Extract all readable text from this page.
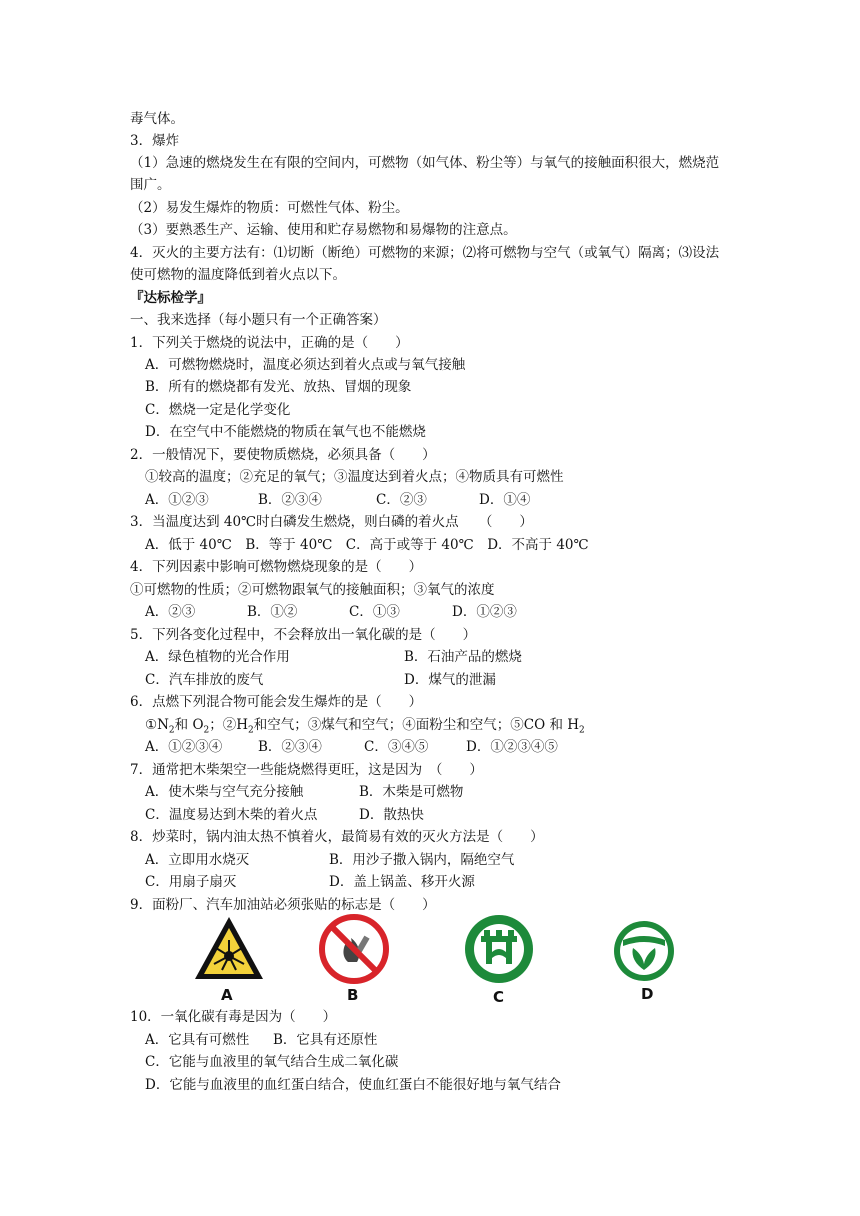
毒气体。
3．爆炸
（1）急速的燃烧发生在有限的空间内，可燃物（如气体、粉尘等）与氧气的接触面积很大，燃烧范
围广。
（2）易发生爆炸的物质：可燃性气体、粉尘。
（3）要熟悉生产、运输、使用和贮存易燃物和易爆物的注意点。
4．灭火的主要方法有：⑴切断（断绝）可燃物的来源；⑵将可燃物与空气（或氧气）隔离；⑶设法
使可燃物的温度降低到着火点以下。
『达标检学』
一、我来选择（每小题只有一个正确答案）
1．下列关于燃烧的说法中，正确的是（　　）
A．可燃物燃烧时，温度必须达到着火点或与氧气接触
B．所有的燃烧都有发光、放热、冒烟的现象
C．燃烧一定是化学变化
D．在空气中不能燃烧的物质在氧气也不能燃烧
2．一般情况下，要使物质燃烧，必须具备（　　）
①较高的温度；②充足的氧气；③温度达到着火点；④物质具有可燃性
A．①②③	B．②③④	C．②③	D．①④
3．当温度达到 40℃时白磷发生燃烧，则白磷的着火点　　（　　）
A．低于 40℃　B．等于 40℃　C．高于或等于 40℃　D．不高于 40℃
4．下列因素中影响可燃物燃烧现象的是（　　）
①可燃物的性质；②可燃物跟氧气的接触面积；③氧气的浓度
A．②③	B．①②	C．①③	D．①②③
5．下列各变化过程中，不会释放出一氧化碳的是（　　）
A．绿色植物的光合作用	B．石油产品的燃烧
C．汽车排放的废气	D．煤气的泄漏
6．点燃下列混合物可能会发生爆炸的是（　　）
$①N_2$和 $O_2$；$②H_2$和空气；③煤气和空气；④面粉尘和空气；⑤CO 和 $H_2$
A．①②③④	B．②③④	C．③④⑤	D．①②③④⑤
7．通常把木柴架空一些能烧燃得更旺，这是因为　（　　）
A．使木柴与空气充分接触	B．木柴是可燃物
C．温度易达到木柴的着火点	D．散热快
8．炒菜时，锅内油太热不慎着火，最简易有效的灭火方法是（　　）
A．立即用水烧灭	B．用沙子撒入锅内，隔绝空气
C．用扇子扇灭	D．盖上锅盖、移开火源
9．面粉厂、汽车加油站必须张贴的标志是（　　）
A	B	C	D
10．一氧化碳有毒是因为（　　）
A．它具有可燃性 B．它具有还原性
C．它能与血液里的氧气结合生成二氧化碳
D．它能与血液里的血红蛋白结合，使血红蛋白不能很好地与氧气结合
